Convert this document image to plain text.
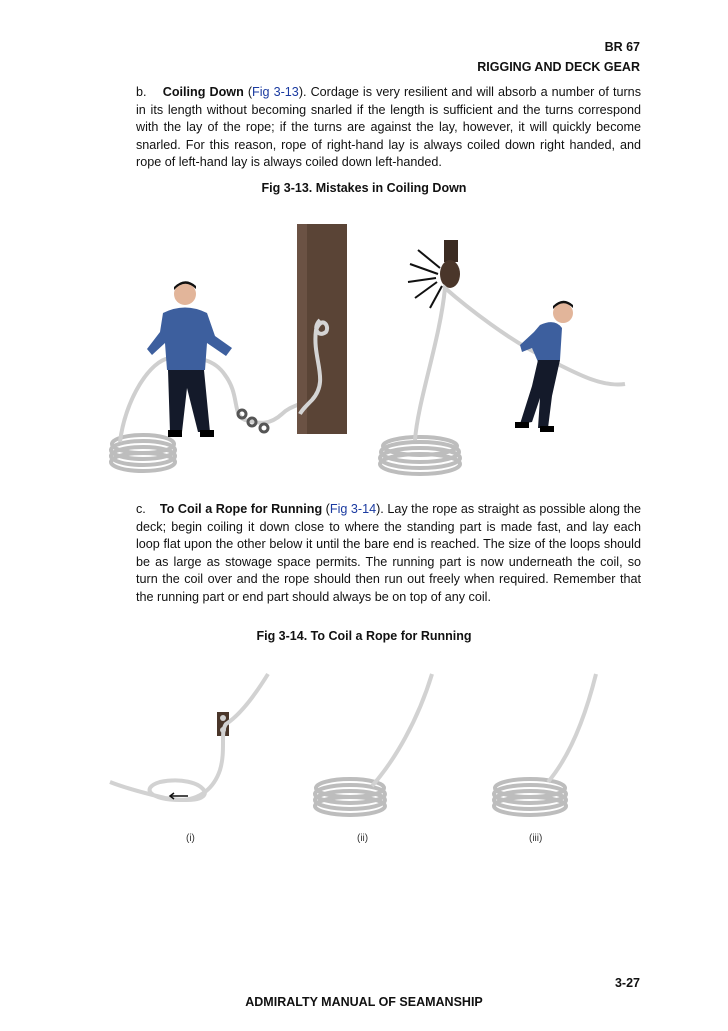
BR 67
RIGGING AND DECK GEAR
b. Coiling Down (Fig 3-13). Cordage is very resilient and will absorb a number of turns in its length without becoming snarled if the length is sufficient and the turns correspond with the lay of the rope; if the turns are against the lay, however, it will quickly become snarled. For this reason, rope of right-hand lay is always coiled down right handed, and rope of left-hand lay is always coiled down left-handed.
Fig 3-13. Mistakes in Coiling Down
c. To Coil a Rope for Running (Fig 3-14). Lay the rope as straight as possible along the deck; begin coiling it down close to where the standing part is made fast, and lay each loop flat upon the other below it until the bare end is reached. The size of the loops should be as large as stowage space permits. The running part is now underneath the coil, so turn the coil over and the rope should then run out freely when required. Remember that the running part or end part should always be on top of any coil.
Fig 3-14. To Coil a Rope for Running
(i)	(ii)	(iii)
3-27
ADMIRALTY MANUAL OF SEAMANSHIP
